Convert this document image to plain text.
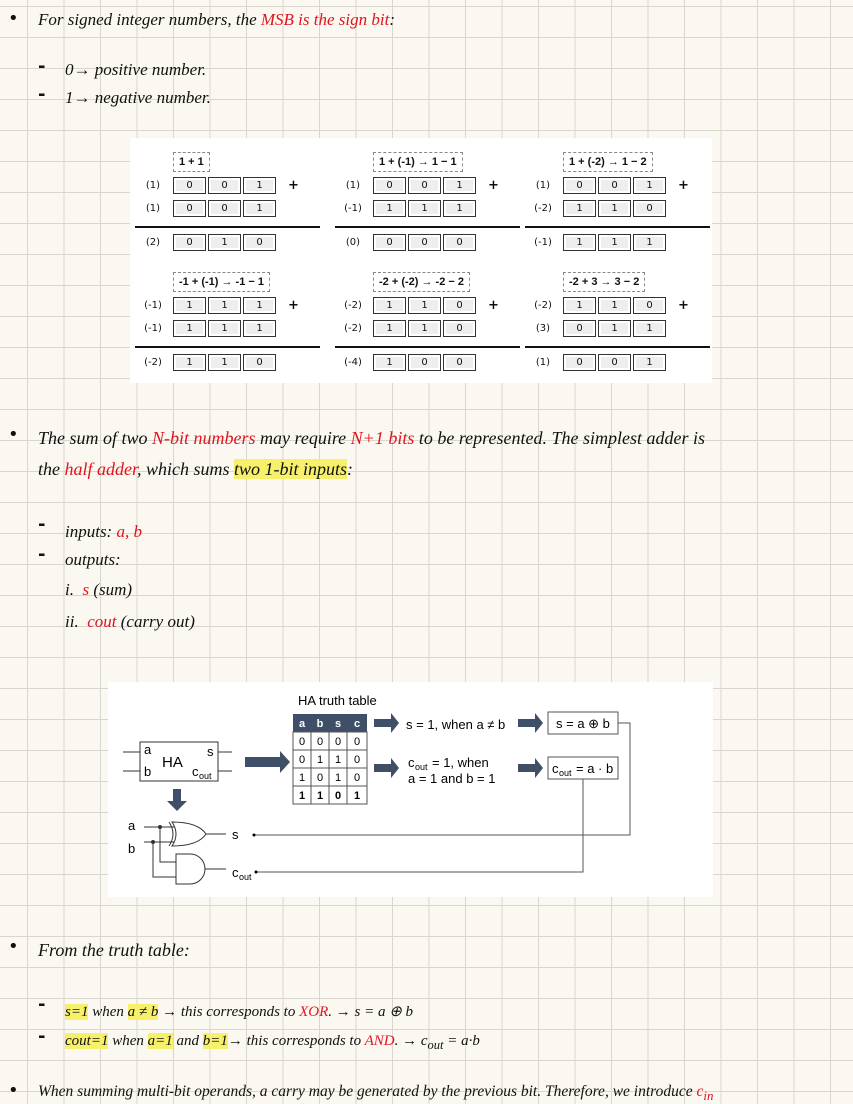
• For signed integer numbers, the MSB is the sign bit:
- 0→ positive number.
- 1→ negative number.
1 + 1
(1)	0	0	1	+
(1)	0	0	1
(2)	0	1	0
1 + (-1) → 1 − 1
(1)	0	0	1	+
(-1)	1	1	1
(0)	0	0	0
1 + (-2) → 1 − 2
(1)	0	0	1	+
(-2)	1	1	0
(-1)	1	1	1
-1 + (-1) → -1 − 1
(-1)	1	1	1	+
(-1)	1	1	1
(-2)	1	1	0
-2 + (-2) → -2 − 2
(-2)	1	1	0	+
(-2)	1	1	0
(-4)	1	0	0
-2 + 3 → 3 − 2
(-2)	1	1	0	+
(3)	0	1	1
(1)	0	0	1
• The sum of two N-bit numbers may require N+1 bits to be represented. The simplest adder is
the half adder, which sums two 1-bit inputs:
- inputs: a, b
- outputs:
i. s (sum)
ii. cout (carry out)
a
b
HA
s
c out
a
b
s
c out
HA truth table
a b s c
0 0 0 0
0 1 1 0
1 0 1 0
1 1 0 1
s = 1, when a ≠ b
c out = 1, when
a = 1 and b = 1
s = a ⊕ b
c out = a · b
• From the truth table:
- s=1 when a ≠ b → this corresponds to XOR. → s = a ⊕ b
- cout=1 when a=1 and b=1→ this corresponds to AND. → $c_{out} = a\cdot b$
• When summing multi-bit operands, a carry may be generated by the previous bit. Therefore, we introduce $c_{in}$
